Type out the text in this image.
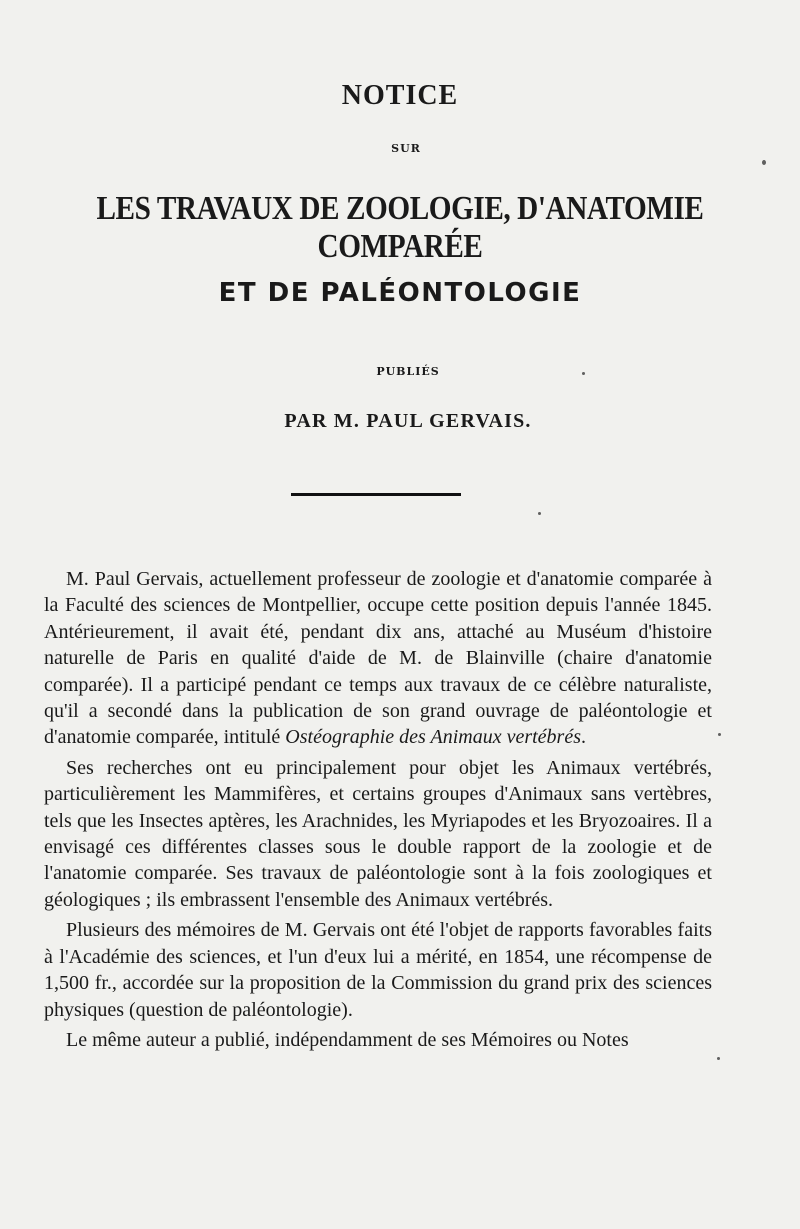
NOTICE
SUR
LES TRAVAUX DE ZOOLOGIE, D'ANATOMIE COMPARÉE
ET DE PALÉONTOLOGIE
PUBLIÉS
PAR M. PAUL GERVAIS.

M. Paul Gervais, actuellement professeur de zoologie et d'anatomie comparée à la Faculté des sciences de Montpellier, occupe cette position depuis l'année 1845. Antérieurement, il avait été, pendant dix ans, attaché au Muséum d'histoire naturelle de Paris en qualité d'aide de M. de Blainville (chaire d'anatomie comparée). Il a participé pendant ce temps aux travaux de ce célèbre naturaliste, qu'il a secondé dans la publication de son grand ouvrage de paléontologie et d'anatomie comparée, intitulé Ostéographie des Animaux vertébrés.

Ses recherches ont eu principalement pour objet les Animaux vertébrés, particulièrement les Mammifères, et certains groupes d'Animaux sans vertèbres, tels que les Insectes aptères, les Arachnides, les Myriapodes et les Bryozoaires. Il a envisagé ces différentes classes sous le double rapport de la zoologie et de l'anatomie comparée. Ses travaux de paléontologie sont à la fois zoologiques et géologiques ; ils embrassent l'ensemble des Animaux vertébrés.

Plusieurs des mémoires de M. Gervais ont été l'objet de rapports favorables faits à l'Académie des sciences, et l'un d'eux lui a mérité, en 1854, une récompense de 1,500 fr., accordée sur la proposition de la Commission du grand prix des sciences physiques (question de paléontologie).

Le même auteur a publié, indépendamment de ses Mémoires ou Notes
